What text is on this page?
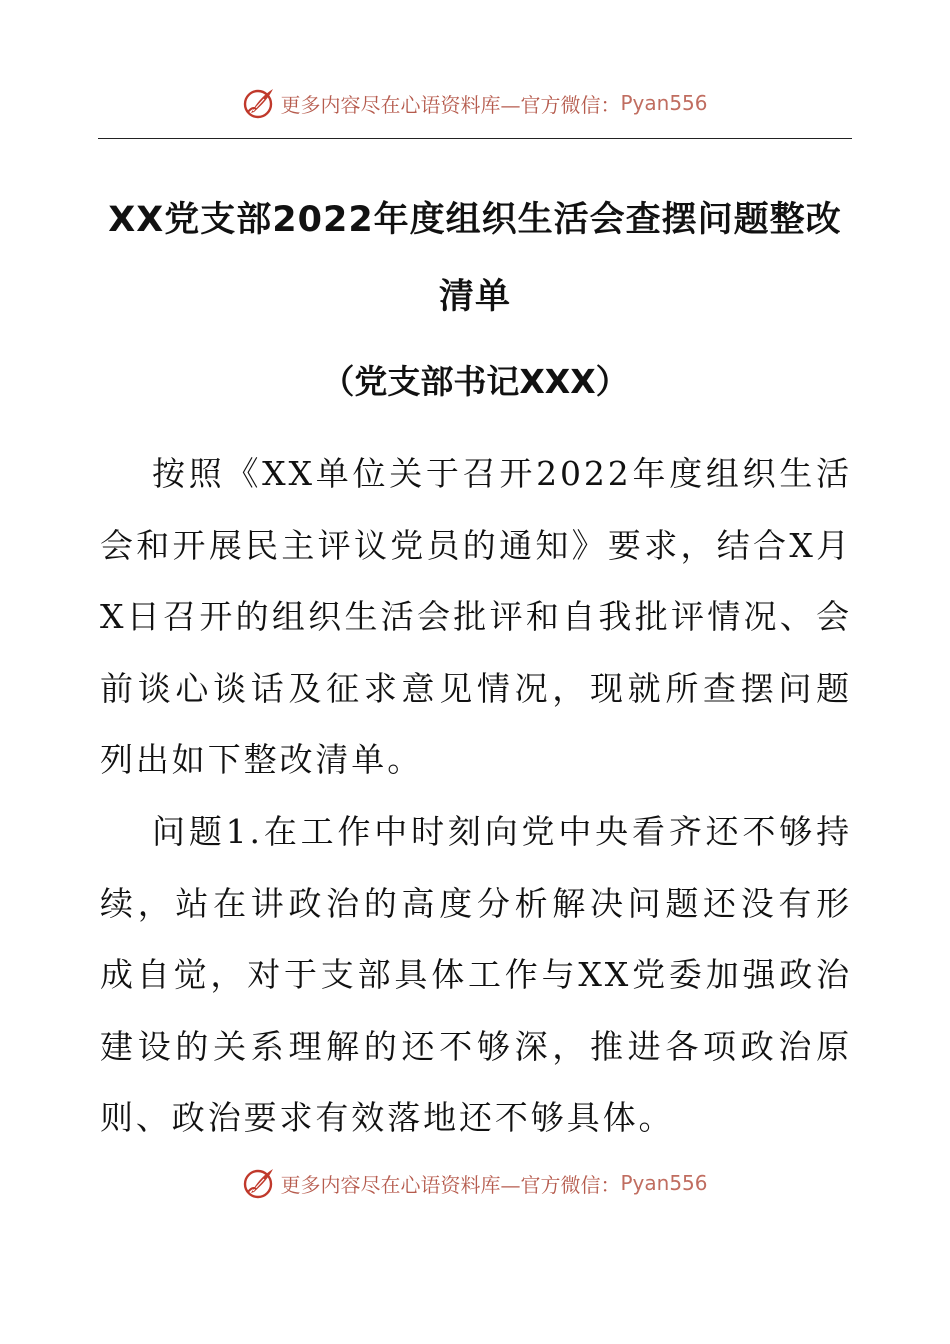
更多内容尽在心语资料库—官方微信： Pyan556
XX党支部2022年度组织生活会查摆问题整改清单
（党支部书记XXX）

按照《XX单位关于召开2022年度组织生活会和开展民主评议党员的通知》要求，结合X月X日召开的组织生活会批评和自我批评情况、会前谈心谈话及征求意见情况，现就所查摆问题列出如下整改清单。

问题1.在工作中时刻向党中央看齐还不够持续，站在讲政治的高度分析解决问题还没有形成自觉，对于支部具体工作与XX党委加强政治建设的关系理解的还不够深，推进各项政治原则、政治要求有效落地还不够具体。

更多内容尽在心语资料库—官方微信： Pyan556
